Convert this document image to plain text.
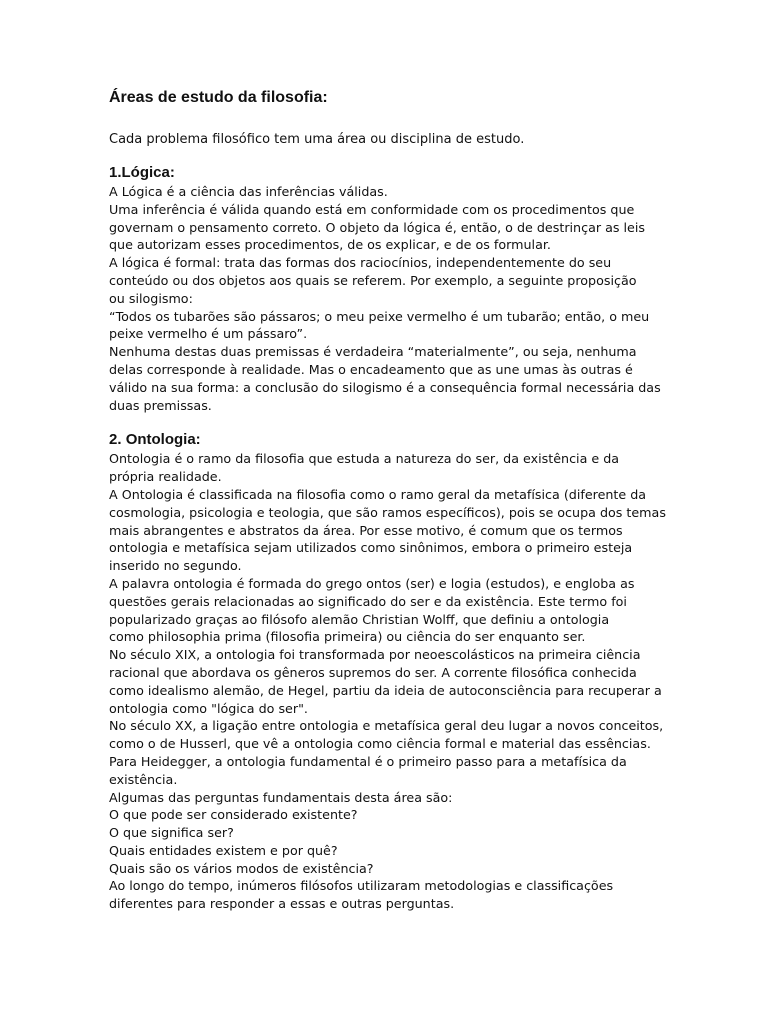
Áreas de estudo da filosofia:

Cada problema filosófico tem uma área ou disciplina de estudo.

1.Lógica:

A Lógica é a ciência das inferências válidas.

Uma inferência é válida quando está em conformidade com os procedimentos que

governam o pensamento correto. O objeto da lógica é, então, o de destrinçar as leis

que autorizam esses procedimentos, de os explicar, e de os formular.

A lógica é formal: trata das formas dos raciocínios, independentemente do seu

conteúdo ou dos objetos aos quais se referem. Por exemplo, a seguinte proposição

ou silogismo:

“Todos os tubarões são pássaros; o meu peixe vermelho é um tubarão; então, o meu

peixe vermelho é um pássaro”.

Nenhuma destas duas premissas é verdadeira “materialmente”, ou seja, nenhuma

delas corresponde à realidade. Mas o encadeamento que as une umas às outras é

válido na sua forma: a conclusão do silogismo é a consequência formal necessária das

duas premissas.

2. Ontologia:

Ontologia é o ramo da filosofia que estuda a natureza do ser, da existência e da

própria realidade.

A Ontologia é classificada na filosofia como o ramo geral da metafísica (diferente da

cosmologia, psicologia e teologia, que são ramos específicos), pois se ocupa dos temas

mais abrangentes e abstratos da área. Por esse motivo, é comum que os termos

ontologia e metafísica sejam utilizados como sinônimos, embora o primeiro esteja

inserido no segundo.

A palavra ontologia é formada do grego ontos (ser) e logia (estudos), e engloba as

questões gerais relacionadas ao significado do ser e da existência. Este termo foi

popularizado graças ao filósofo alemão Christian Wolff, que definiu a ontologia

como philosophia prima (filosofia primeira) ou ciência do ser enquanto ser.

No século XIX, a ontologia foi transformada por neoescolásticos na primeira ciência

racional que abordava os gêneros supremos do ser. A corrente filosófica conhecida

como idealismo alemão, de Hegel, partiu da ideia de autoconsciência para recuperar a

ontologia como "lógica do ser".

No século XX, a ligação entre ontologia e metafísica geral deu lugar a novos conceitos,

como o de Husserl, que vê a ontologia como ciência formal e material das essências.

Para Heidegger, a ontologia fundamental é o primeiro passo para a metafísica da

existência.

Algumas das perguntas fundamentais desta área são:

O que pode ser considerado existente?

O que significa ser?

Quais entidades existem e por quê?

Quais são os vários modos de existência?

Ao longo do tempo, inúmeros filósofos utilizaram metodologias e classificações

diferentes para responder a essas e outras perguntas.
